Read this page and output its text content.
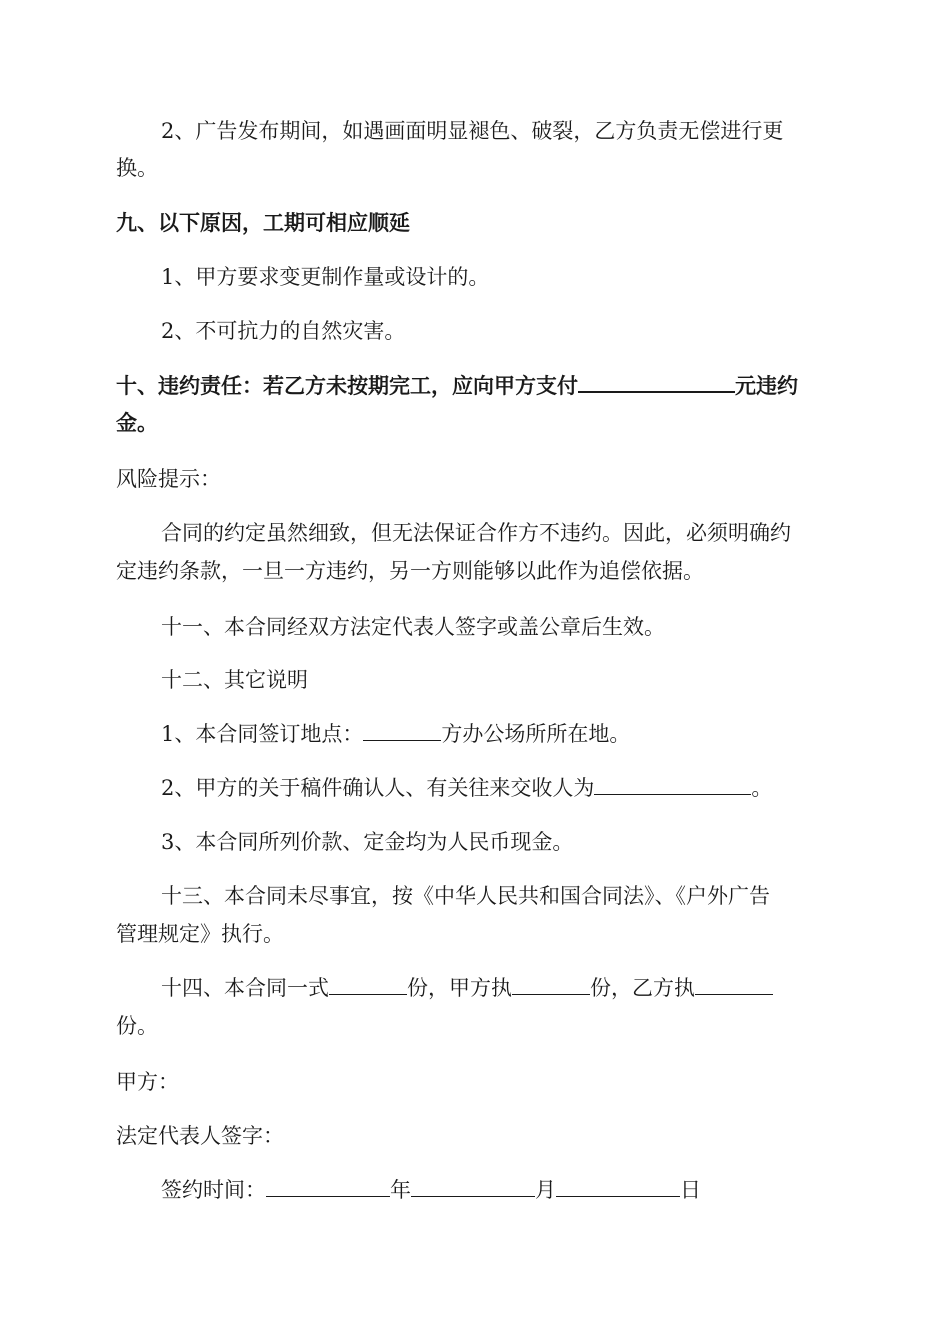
2、广告发布期间，如遇画面明显褪色、破裂，乙方负责无偿进行更
换。
九、以下原因，工期可相应顺延
1、甲方要求变更制作量或设计的。
2、不可抗力的自然灾害。
十、违约责任：若乙方未按期完工，应向甲方支付	元违约
金。
风险提示：
合同的约定虽然细致，但无法保证合作方不违约。因此，必须明确约
定违约条款，一旦一方违约，另一方则能够以此作为追偿依据。
十一、本合同经双方法定代表人签字或盖公章后生效。
十二、其它说明
1、本合同签订地点：	方办公场所所在地。
2、甲方的关于稿件确认人、有关往来交收人为	。
3、本合同所列价款、定金均为人民币现金。
十三、本合同未尽事宜，按《中华人民共和国合同法》、《户外广告
管理规定》执行。
十四、本合同一式	份，甲方执	份，乙方执
份。
甲方：
法定代表人签字：
签约时间：	年	月	日
